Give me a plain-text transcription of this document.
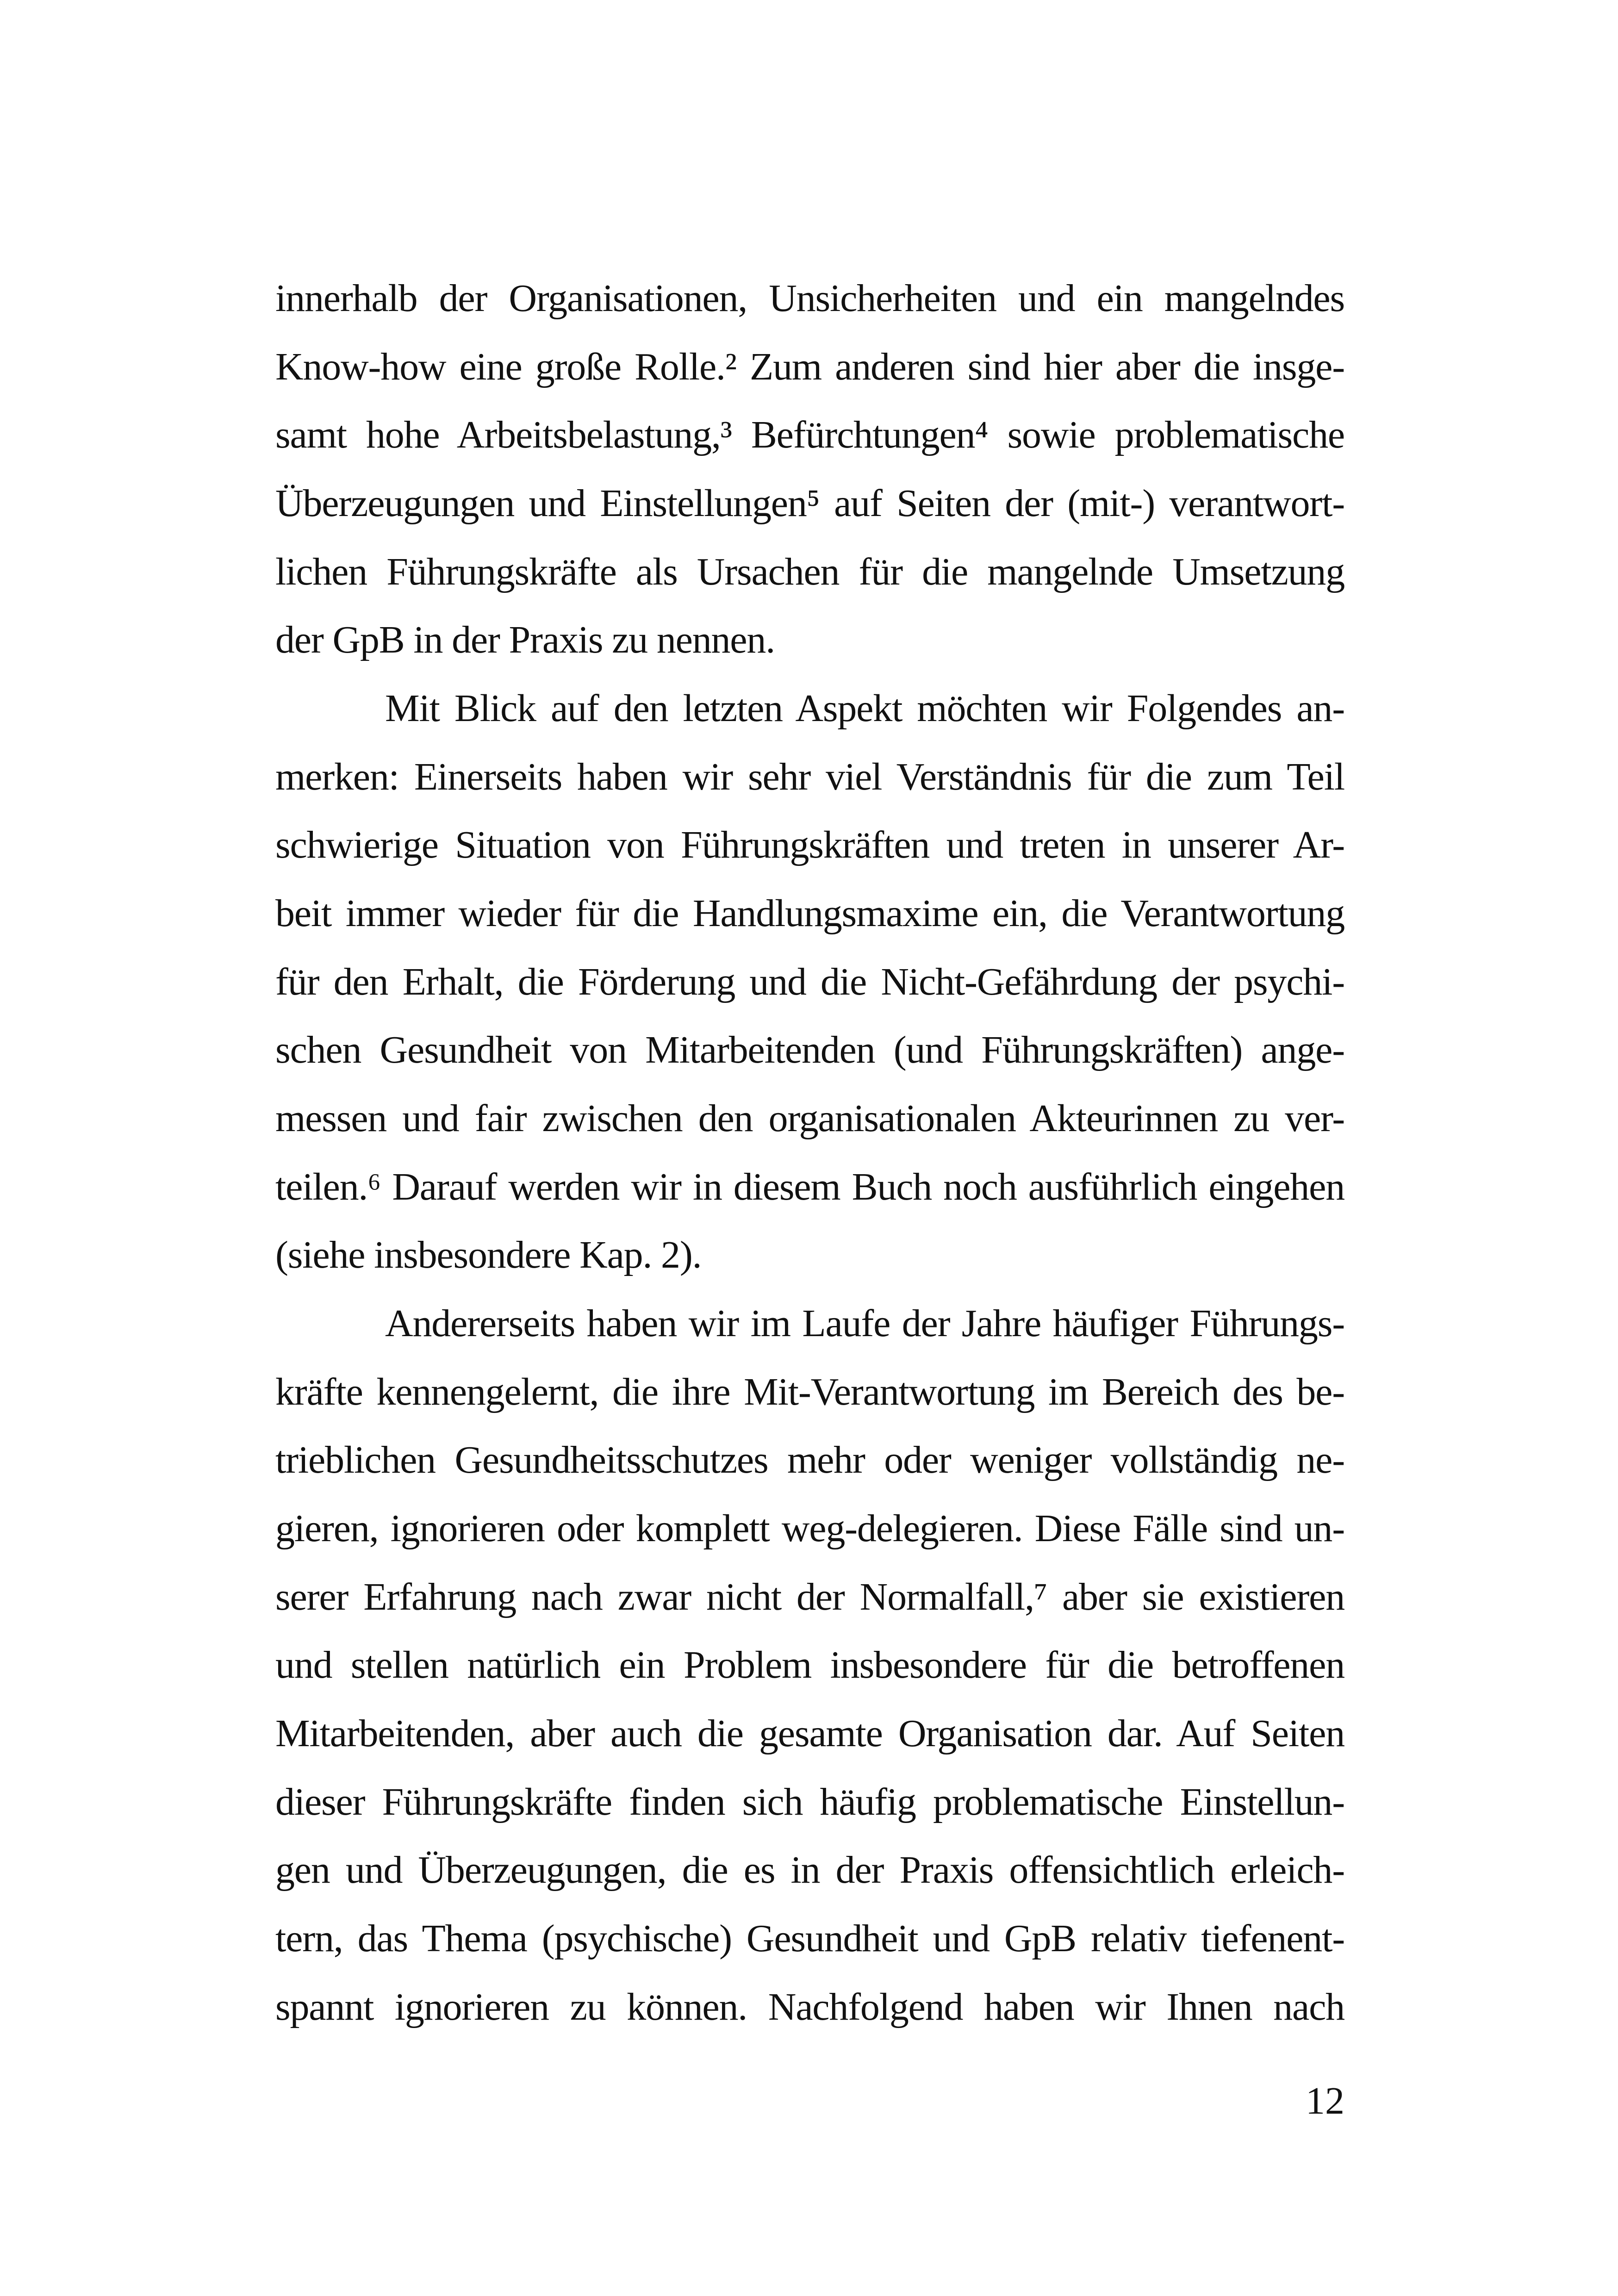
innerhalb der Organisationen, Unsicherheiten und ein mangelndes
Know-how eine große Rolle.² Zum anderen sind hier aber die insge-
samt hohe Arbeitsbelastung,³ Befürchtungen⁴ sowie problematische
Überzeugungen und Einstellungen⁵ auf Seiten der (mit-) verantwort-
lichen Führungskräfte als Ursachen für die mangelnde Umsetzung
der GpB in der Praxis zu nennen.
Mit Blick auf den letzten Aspekt möchten wir Folgendes an-
merken: Einerseits haben wir sehr viel Verständnis für die zum Teil
schwierige Situation von Führungskräften und treten in unserer Ar-
beit immer wieder für die Handlungsmaxime ein, die Verantwortung
für den Erhalt, die Förderung und die Nicht-Gefährdung der psychi-
schen Gesundheit von Mitarbeitenden (und Führungskräften) ange-
messen und fair zwischen den organisationalen Akteurinnen zu ver-
teilen.⁶ Darauf werden wir in diesem Buch noch ausführlich eingehen
(siehe insbesondere Kap. 2).
Andererseits haben wir im Laufe der Jahre häufiger Führungs-
kräfte kennengelernt, die ihre Mit-Verantwortung im Bereich des be-
trieblichen Gesundheitsschutzes mehr oder weniger vollständig ne-
gieren, ignorieren oder komplett weg-delegieren. Diese Fälle sind un-
serer Erfahrung nach zwar nicht der Normalfall,⁷ aber sie existieren
und stellen natürlich ein Problem insbesondere für die betroffenen
Mitarbeitenden, aber auch die gesamte Organisation dar. Auf Seiten
dieser Führungskräfte finden sich häufig problematische Einstellun-
gen und Überzeugungen, die es in der Praxis offensichtlich erleich-
tern, das Thema (psychische) Gesundheit und GpB relativ tiefenent-
spannt ignorieren zu können. Nachfolgend haben wir Ihnen nach
12
